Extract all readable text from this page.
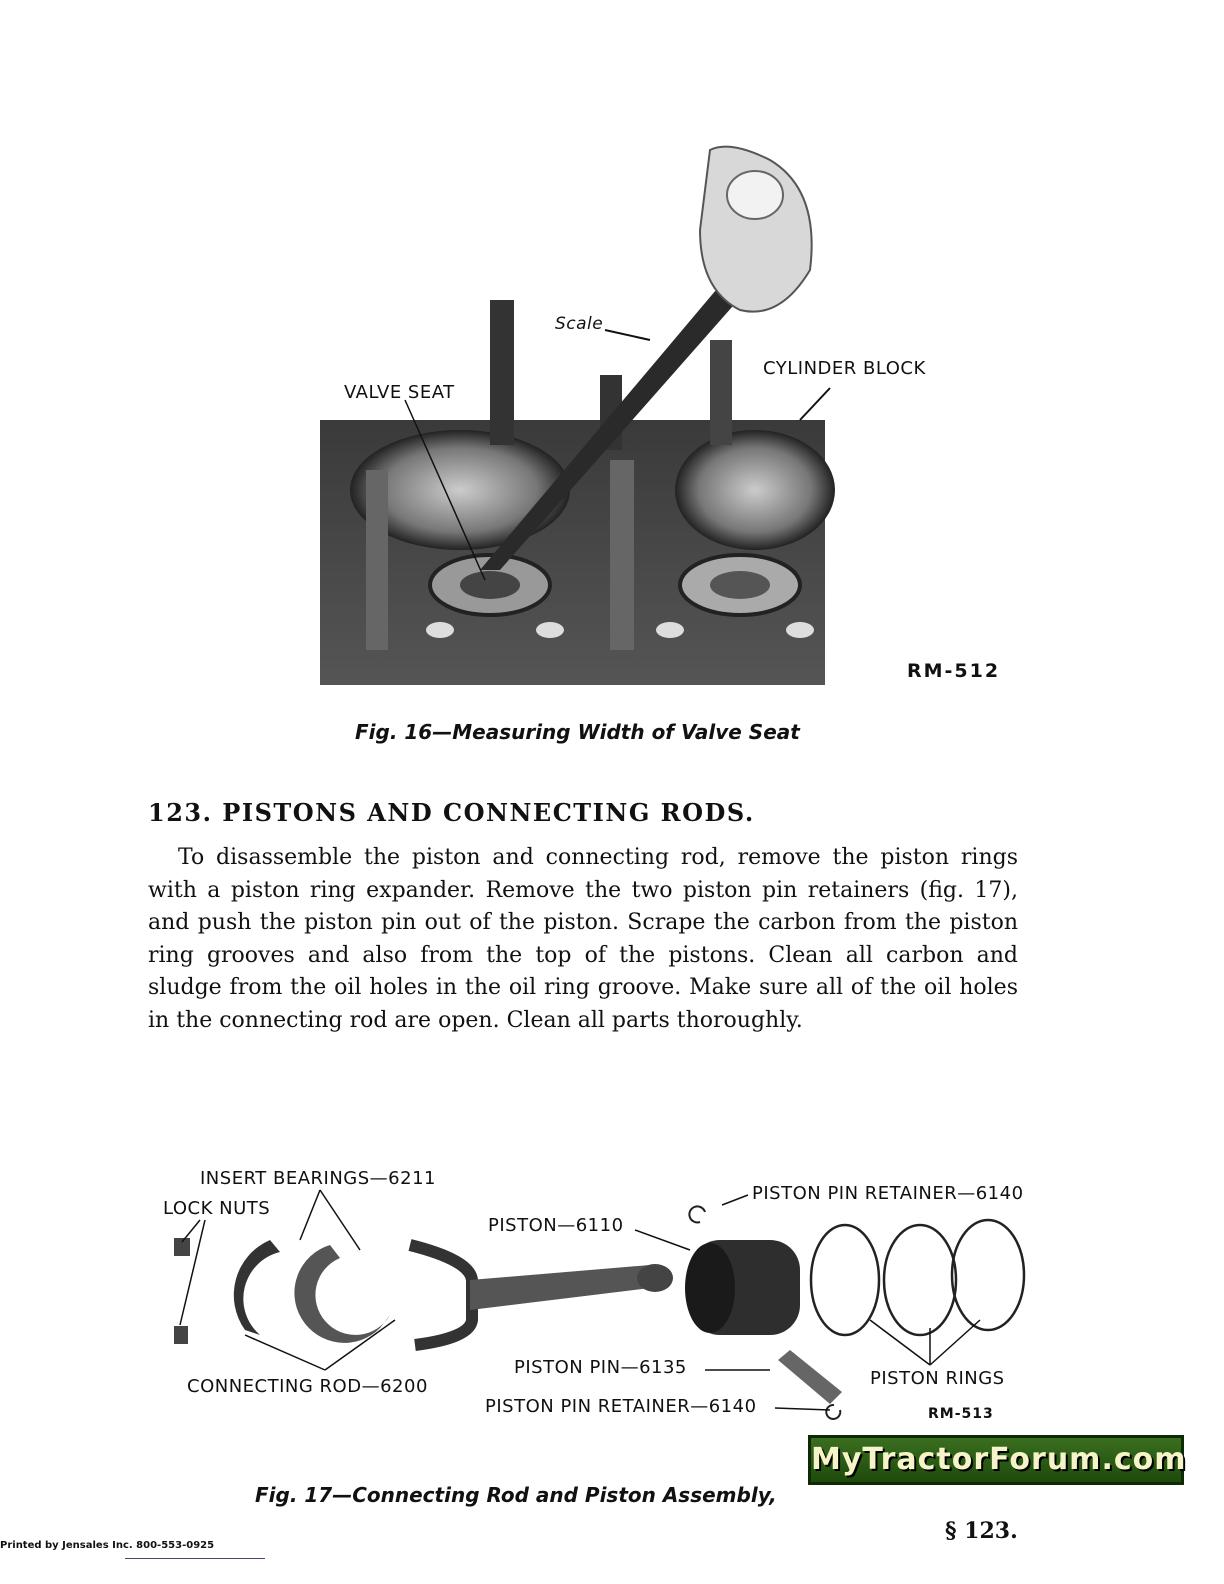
Scale
CYLINDER BLOCK
VALVE SEAT
RM-512
Fig. 16—Measuring Width of Valve Seat
123. PISTONS AND CONNECTING RODS.

To disassemble the piston and connecting rod, remove the piston rings with a piston ring expander. Remove the two piston pin retainers (fig. 17), and push the piston pin out of the piston. Scrape the carbon from the piston ring grooves and also from the top of the pistons. Clean all carbon and sludge from the oil holes in the oil ring groove. Make sure all of the oil holes in the connecting rod are open. Clean all parts thoroughly.

INSERT BEARINGS—6211
LOCK NUTS
PISTON—6110
PISTON PIN RETAINER—6140
CONNECTING ROD—6200
PISTON PIN—6135
PISTON PIN RETAINER—6140
PISTON RINGS
RM-513
MyTractorForum.com
Fig. 17—Connecting Rod and Piston Assembly,
Printed by Jensales Inc. 800-553-0925
§ 123.
